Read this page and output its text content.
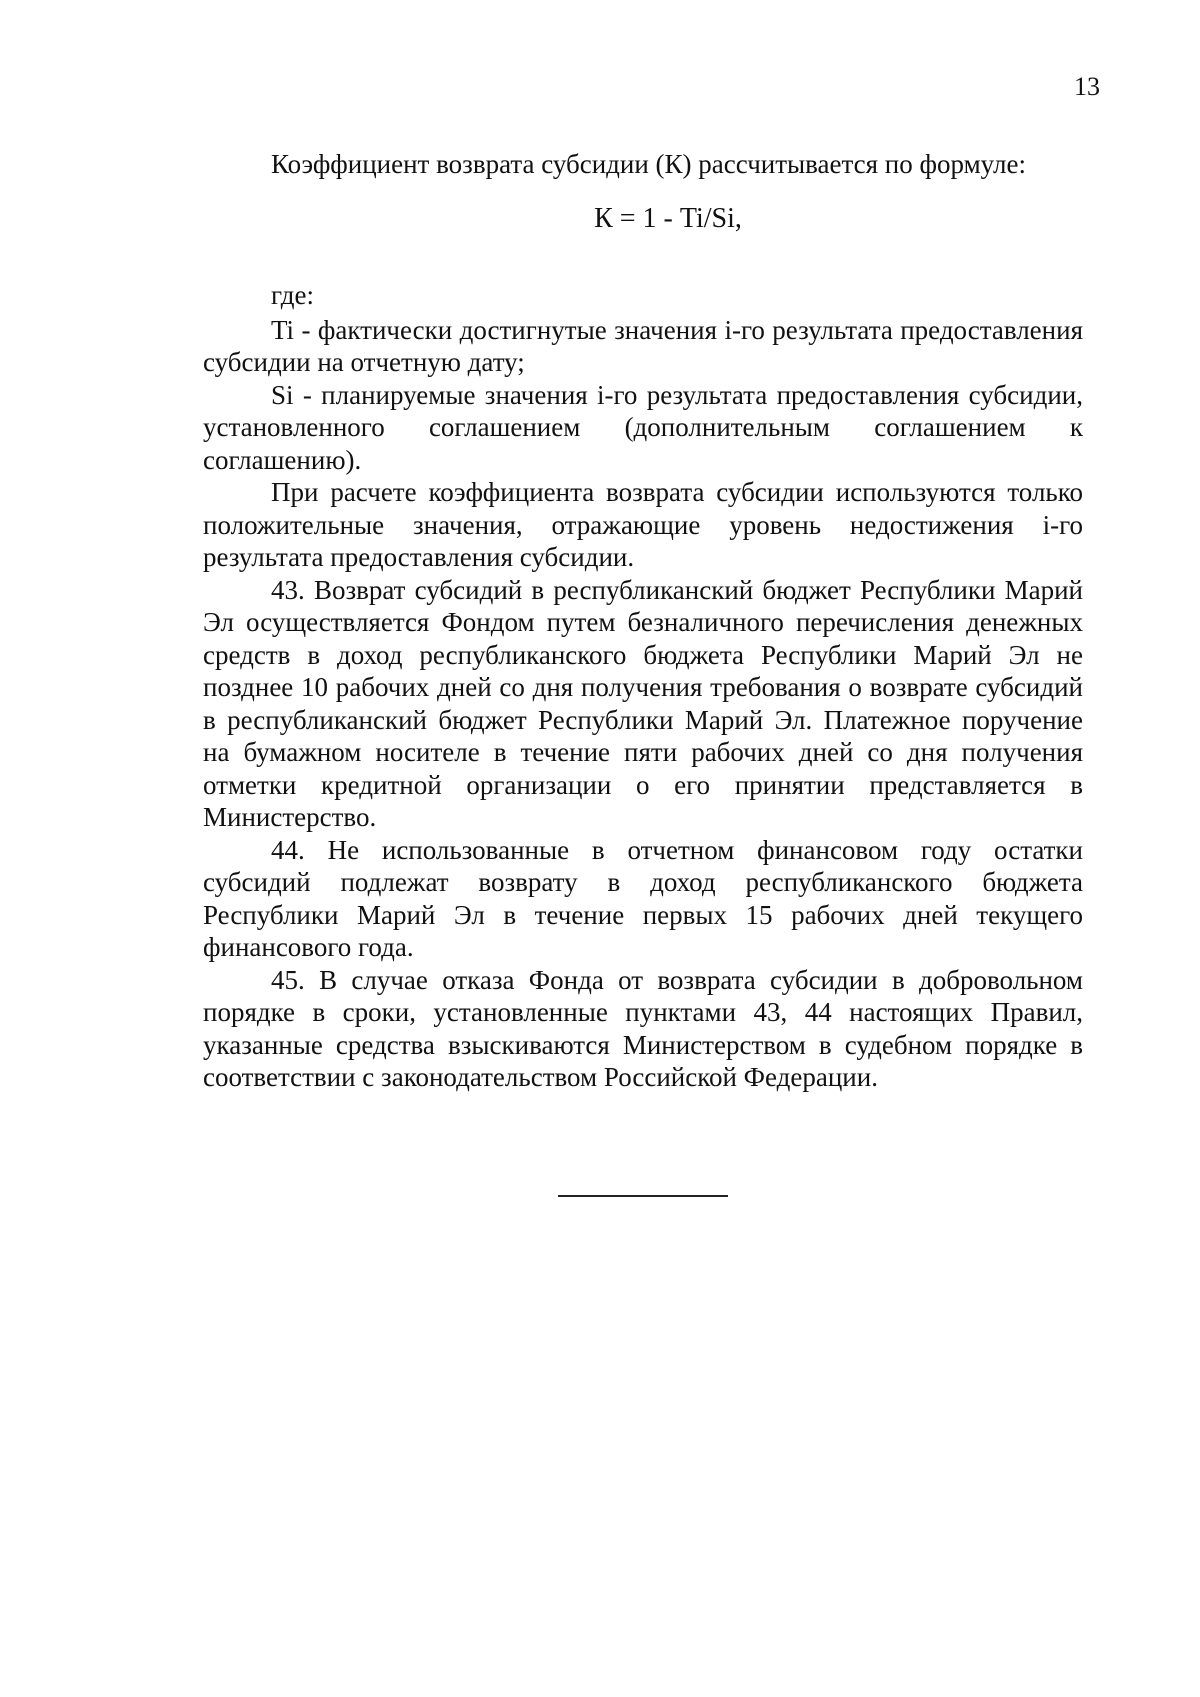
13

Коэффициент возврата субсидии (К) рассчитывается по формуле:

К = 1 - Ti/Si,

где:

Ti - фактически достигнутые значения i-го результата предоставления субсидии на отчетную дату;

Si - планируемые значения i-го результата предоставления субсидии, установленного соглашением (дополнительным соглашением к соглашению).

При расчете коэффициента возврата субсидии используются только положительные значения, отражающие уровень недостижения i-го результата предоставления субсидии.

43. Возврат субсидий в республиканский бюджет Республики Марий Эл осуществляется Фондом путем безналичного перечисления денежных средств в доход республиканского бюджета Республики Марий Эл не позднее 10 рабочих дней со дня получения требования о возврате субсидий в республиканский бюджет Республики Марий Эл. Платежное поручение на бумажном носителе в течение пяти рабочих дней со дня получения отметки кредитной организации о его принятии представляется в Министерство.

44. Не использованные в отчетном финансовом году остатки субсидий подлежат возврату в доход республиканского бюджета Республики Марий Эл в течение первых 15 рабочих дней текущего финансового года.

45. В случае отказа Фонда от возврата субсидии в добровольном порядке в сроки, установленные пунктами 43, 44 настоящих Правил, указанные средства взыскиваются Министерством в судебном порядке в соответствии с законодательством Российской Федерации.
